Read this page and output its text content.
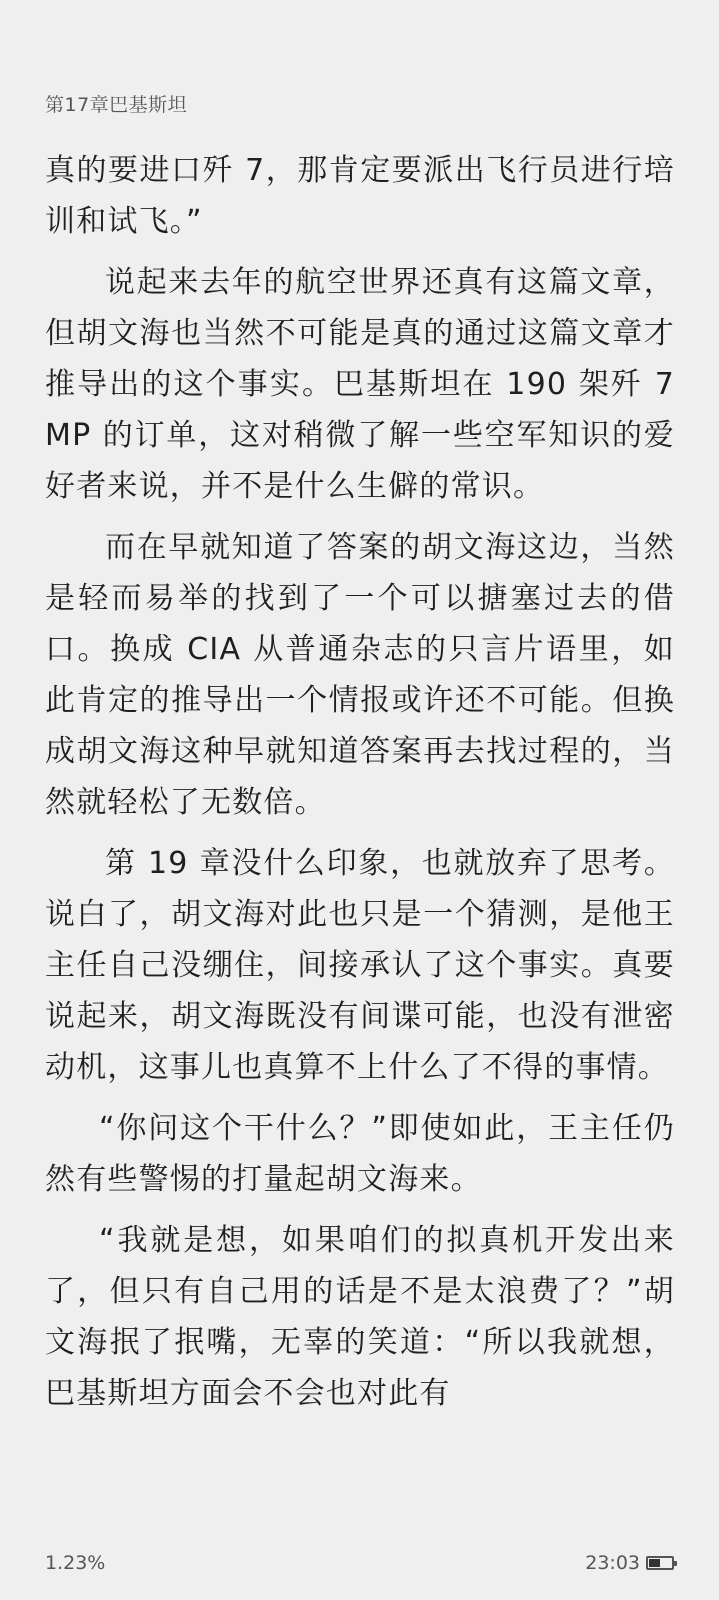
第17章巴基斯坦

真的要进口歼 7，那肯定要派出飞行员进行培训和试飞。”

说起来去年的航空世界还真有这篇文章，但胡文海也当然不可能是真的通过这篇文章才推导出的这个事实。巴基斯坦在 190 架歼 7MP 的订单，这对稍微了解一些空军知识的爱好者来说，并不是什么生僻的常识。

而在早就知道了答案的胡文海这边，当然是轻而易举的找到了一个可以搪塞过去的借口。换成 CIA 从普通杂志的只言片语里，如此肯定的推导出一个情报或许还不可能。但换成胡文海这种早就知道答案再去找过程的，当然就轻松了无数倍。

第 19 章没什么印象，也就放弃了思考。说白了，胡文海对此也只是一个猜测，是他王主任自己没绷住，间接承认了这个事实。真要说起来，胡文海既没有间谍可能，也没有泄密动机，这事儿也真算不上什么了不得的事情。

“你问这个干什么？”即使如此，王主任仍然有些警惕的打量起胡文海来。

“我就是想，如果咱们的拟真机开发出来了，但只有自己用的话是不是太浪费了？”胡文海抿了抿嘴，无辜的笑道：“所以我就想，巴基斯坦方面会不会也对此有

1.23%	23:03
